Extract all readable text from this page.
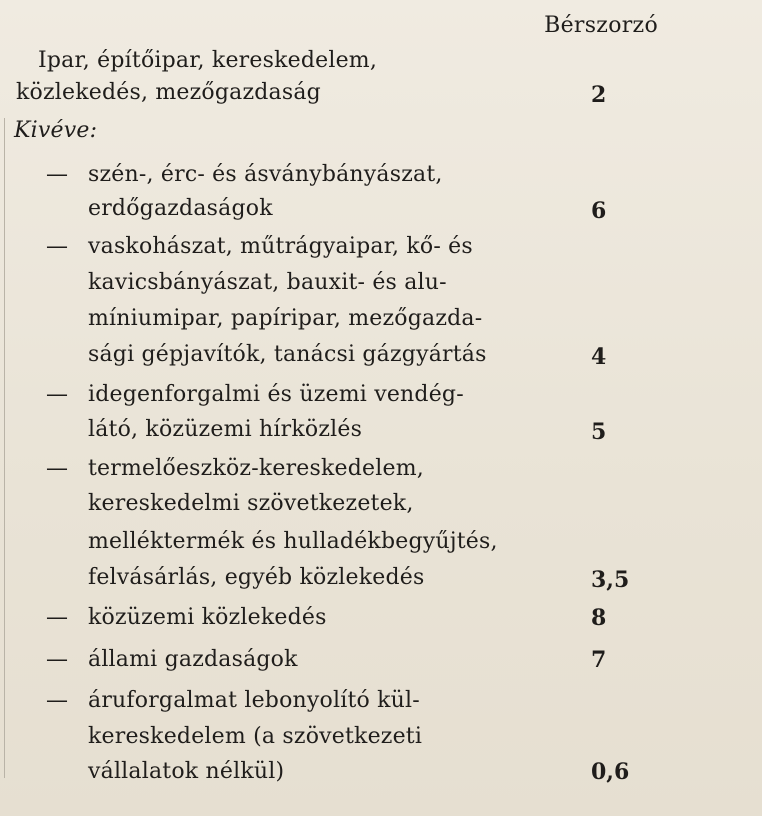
Bérszorzó
Ipar, építőipar, kereskedelem,
közlekedés, mezőgazdaság	2
Kivéve:
— szén-, érc- és ásványbányászat,
erdőgazdaságok	6
— vaskohászat, műtrágyaipar, kő- és
kavicsbányászat, bauxit- és alu-
míniumipar, papíripar, mezőgazda-
sági gépjavítók, tanácsi gázgyártás	4
— idegenforgalmi és üzemi vendég-
látó, közüzemi hírközlés	5
— termelőeszköz-kereskedelem,
kereskedelmi szövetkezetek,
melléktermék és hulladékbegyűjtés,
felvásárlás, egyéb közlekedés	3,5
— közüzemi közlekedés	8
— állami gazdaságok	7
— áruforgalmat lebonyolító kül-
kereskedelem (a szövetkezeti
vállalatok nélkül)	0,6
